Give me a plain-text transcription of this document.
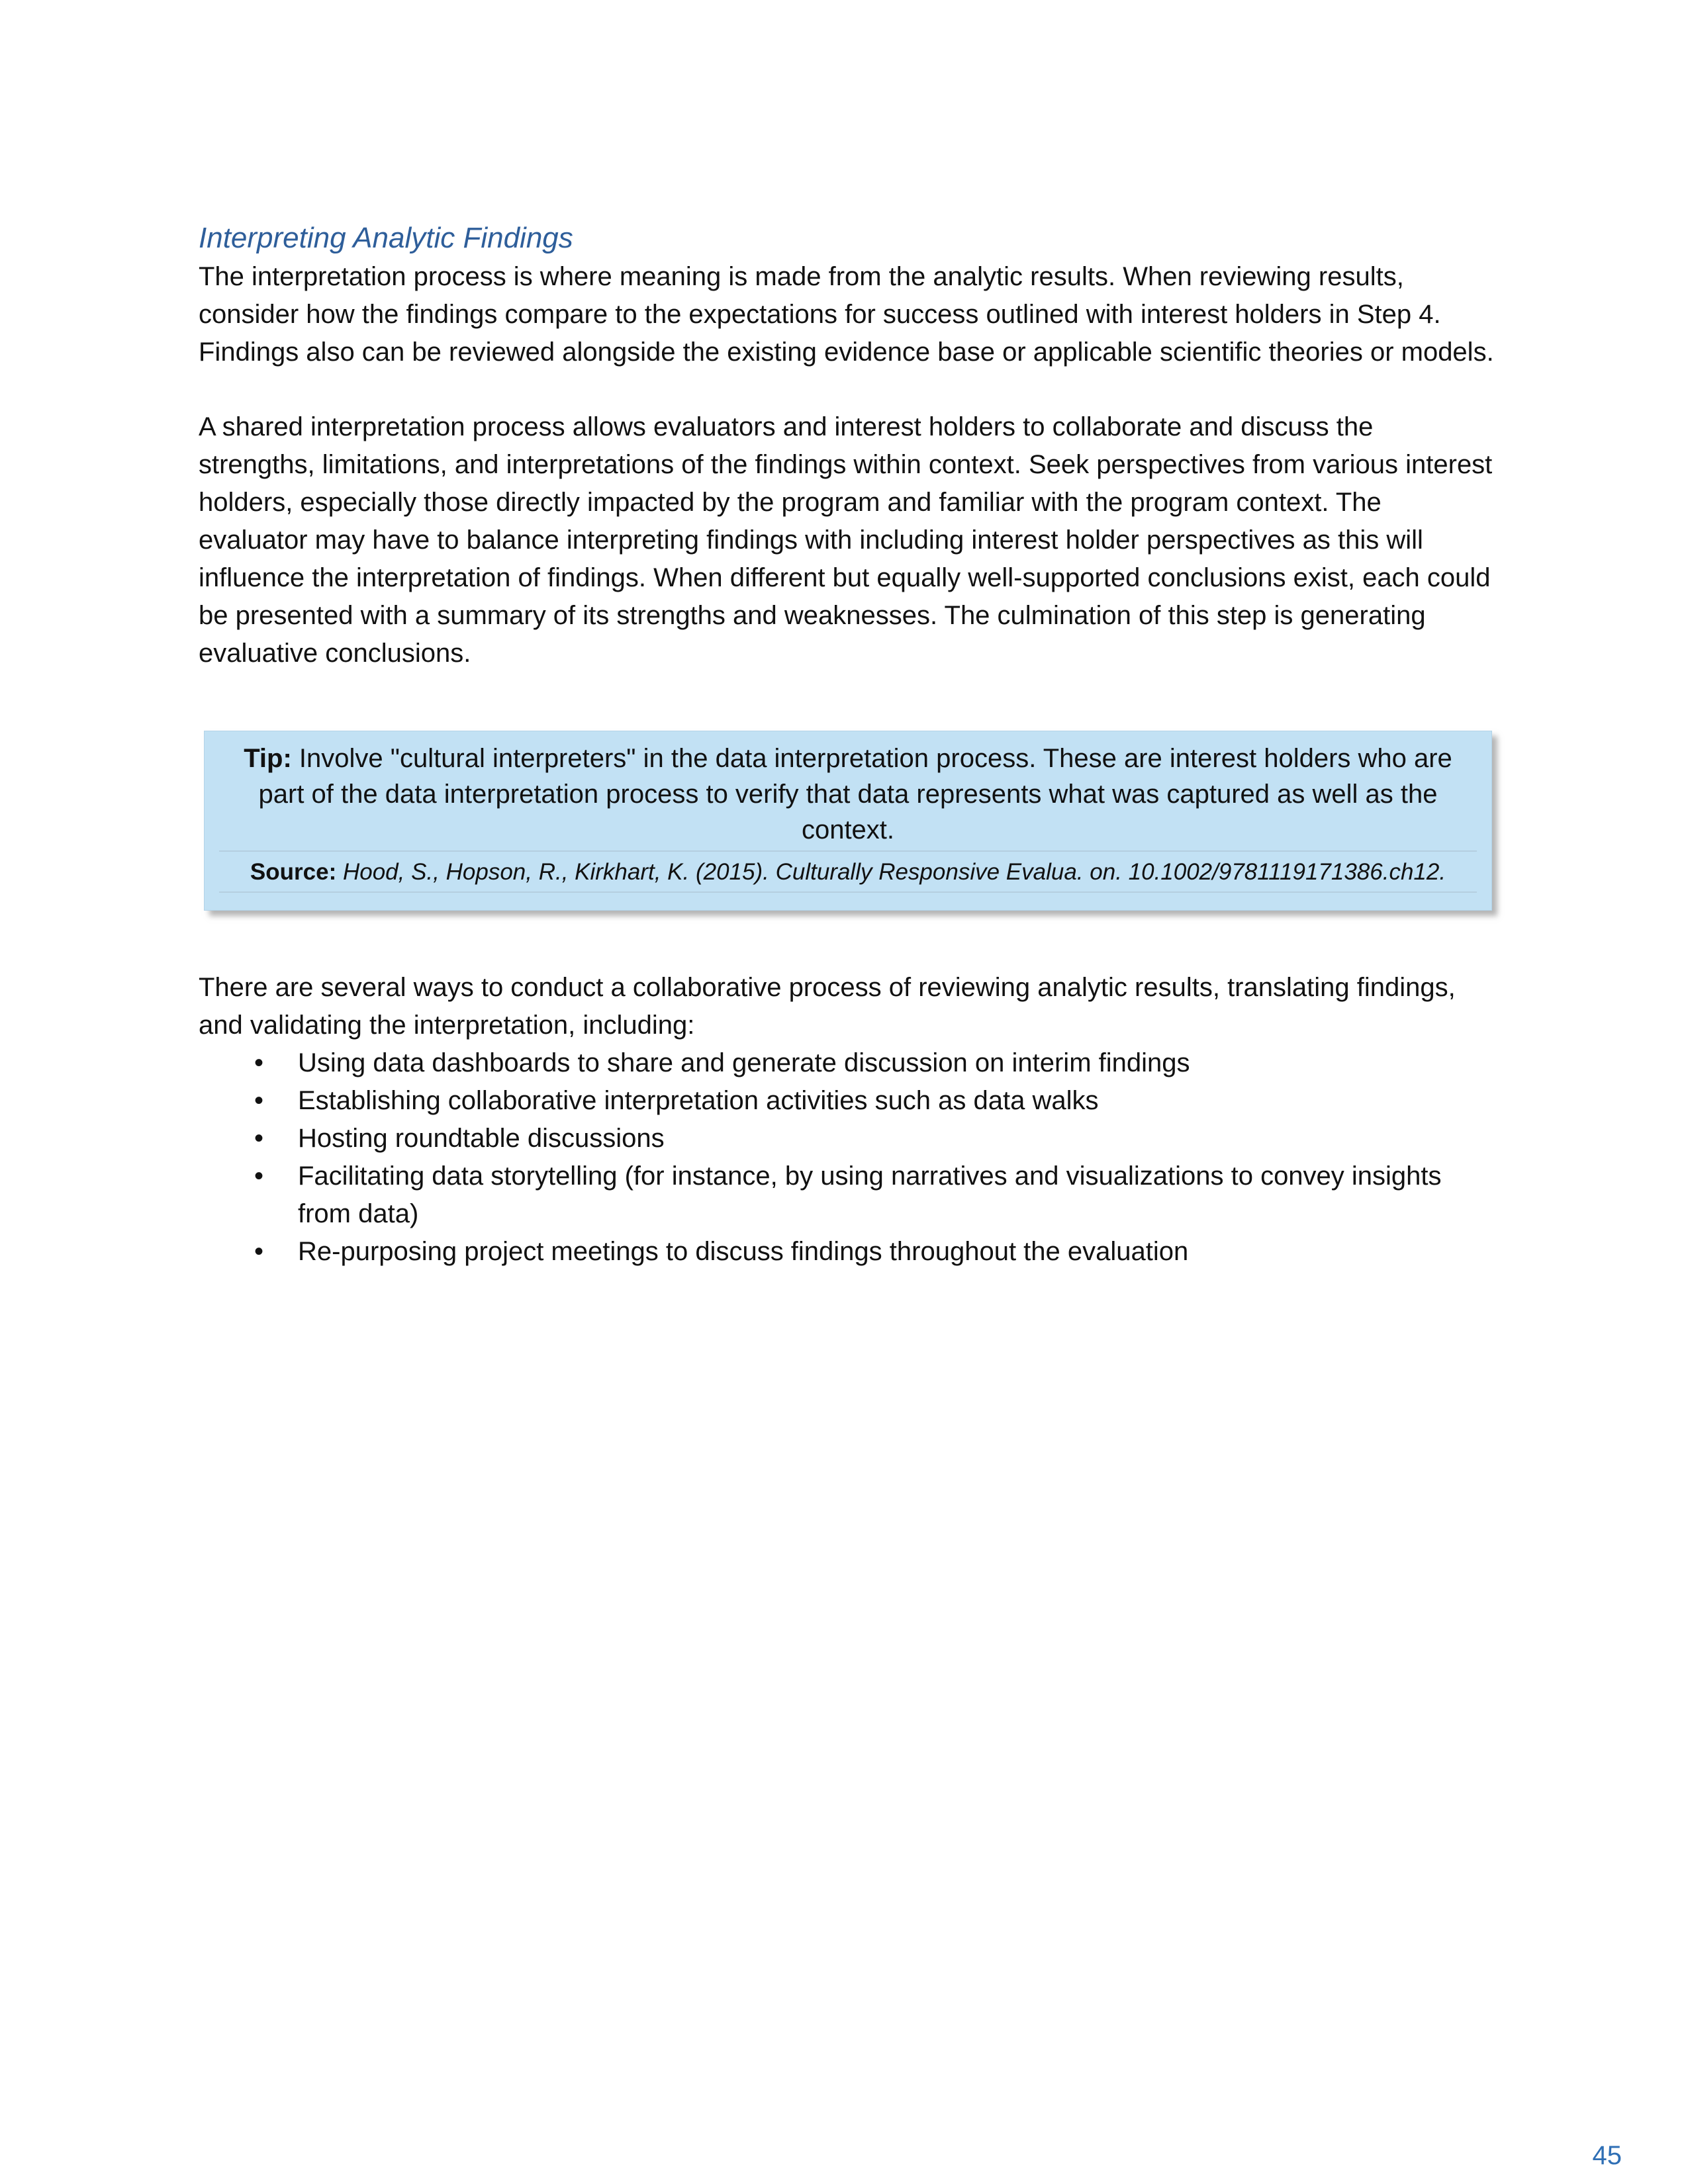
Interpreting Analytic Findings

The interpretation process is where meaning is made from the analytic results. When reviewing results, consider how the findings compare to the expectations for success outlined with interest holders in Step 4. Findings also can be reviewed alongside the existing evidence base or applicable scientific theories or models.

A shared interpretation process allows evaluators and interest holders to collaborate and discuss the strengths, limitations, and interpretations of the findings within context. Seek perspectives from various interest holders, especially those directly impacted by the program and familiar with the program context. The evaluator may have to balance interpreting findings with including interest holder perspectives as this will influence the interpretation of findings. When different but equally well-supported conclusions exist, each could be presented with a summary of its strengths and weaknesses. The culmination of this step is generating evaluative conclusions.

Tip: Involve "cultural interpreters" in the data interpretation process. These are interest holders who are part of the data interpretation process to verify that data represents what was captured as well as the context.

Source: Hood, S., Hopson, R., Kirkhart, K. (2015). Culturally Responsive Evalua. on. 10.1002/9781119171386.ch12.

There are several ways to conduct a collaborative process of reviewing analytic results, translating findings, and validating the interpretation, including:

• Using data dashboards to share and generate discussion on interim findings
• Establishing collaborative interpretation activities such as data walks
• Hosting roundtable discussions
• Facilitating data storytelling (for instance, by using narratives and visualizations to convey insights from data)
• Re-purposing project meetings to discuss findings throughout the evaluation
45
